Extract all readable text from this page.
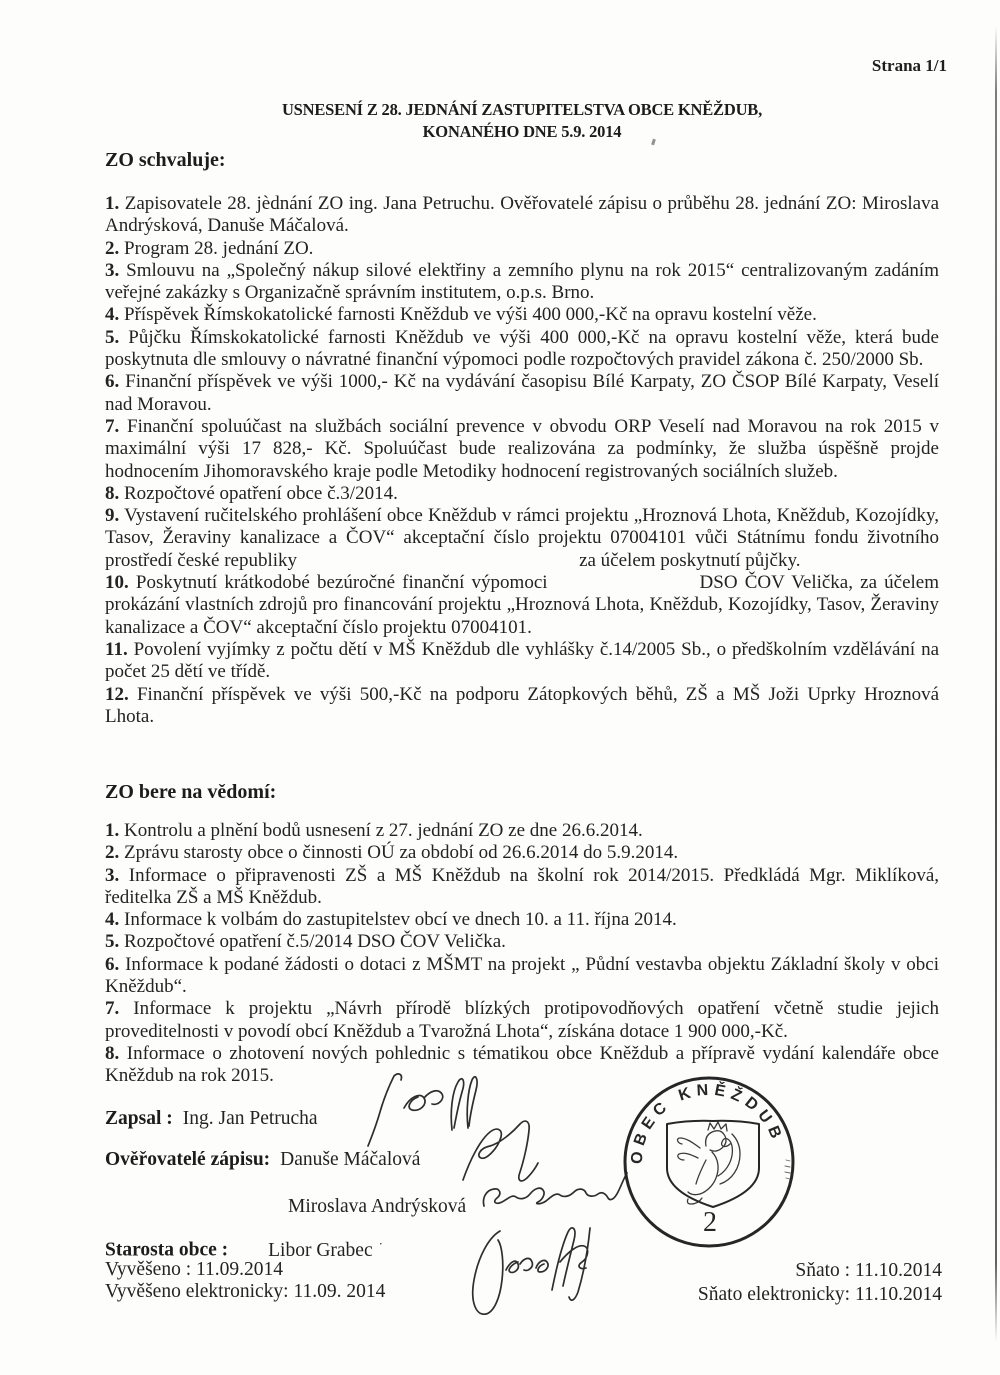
Strana 1/1
USNESENÍ Z 28. JEDNÁNÍ ZASTUPITELSTVA OBCE KNĚŽDUB,
KONANÉHO DNE 5.9. 2014
ZO schvaluje:

1. Zapisovatele 28. jèdnání ZO ing. Jana Petruchu. Ověřovatelé zápisu o průběhu 28. jednání ZO: Miroslava Andrýsková, Danuše Máčalová.

2. Program 28. jednání ZO.

3. Smlouvu na „Společný nákup silové elektřiny a zemního plynu na rok 2015“ centralizovaným zadáním veřejné zakázky s Organizačně správním institutem, o.p.s. Brno.

4. Příspěvek Římskokatolické farnosti Kněždub ve výši 400 000,-Kč na opravu kostelní věže.

5. Půjčku Římskokatolické farnosti Kněždub ve výši 400 000,-Kč na opravu kostelní věže, která bude poskytnuta dle smlouvy o návratné finanční výpomoci podle rozpočtových pravidel zákona č. 250/2000 Sb.

6. Finanční příspěvek ve výši 1000,- Kč na vydávání časopisu Bílé Karpaty, ZO ČSOP Bílé Karpaty, Veselí nad Moravou.

7. Finanční spoluúčast na službách sociální prevence v obvodu ORP Veselí nad Moravou na rok 2015 v maximální výši 17 828,- Kč. Spoluúčast bude realizována za podmínky, že služba úspěšně projde hodnocením Jihomoravského kraje podle Metodiky hodnocení registrovaných sociálních služeb.

8. Rozpočtové opatření obce č.3/2014.

9. Vystavení ručitelského prohlášení obce Kněždub v rámci projektu „Hroznová Lhota, Kněždub, Kozojídky, Tasov, Žeraviny kanalizace a ČOV“ akceptační číslo projektu 07004101 vůči Státnímu fondu životního prostředí české republiky	za účelem poskytnutí půjčky.

10. Poskytnutí krátkodobé bezúročné finanční výpomoci	DSO ČOV Velička, za účelem prokázání vlastních zdrojů pro financování projektu „Hroznová Lhota, Kněždub, Kozojídky, Tasov, Žeraviny kanalizace a ČOV“ akceptační číslo projektu 07004101.

11. Povolení vyjímky z počtu dětí v MŠ Kněždub dle vyhlášky č.14/2005 Sb., o předškolním vzdělávání na počet 25 dětí ve třídě.

12. Finanční příspěvek ve výši 500,-Kč na podporu Zátopkových běhů, ZŠ a MŠ Joži Uprky Hroznová Lhota.

ZO bere na vědomí:

1. Kontrolu a plnění bodů usnesení z 27. jednání ZO ze dne 26.6.2014.

2. Zprávu starosty obce o činnosti OÚ za období od 26.6.2014 do 5.9.2014.

3. Informace o připravenosti ZŠ a MŠ Kněždub na školní rok 2014/2015. Předkládá Mgr. Miklíková, ředitelka ZŠ a MŠ Kněždub.

4. Informace k volbám do zastupitelstev obcí ve dnech 10. a 11. října 2014.

5. Rozpočtové opatření č.5/2014 DSO ČOV Velička.

6. Informace k podané žádosti o dotaci z MŠMT na projekt „ Půdní vestavba objektu Základní školy v obci Kněždub“.

7. Informace k projektu „Návrh přírodě blízkých protipovodňových opatření včetně studie jejich proveditelnosti v povodí obcí Kněždub a Tvarožná Lhota“, získána dotace 1 900 000,-Kč.

8. Informace o zhotovení nových pohlednic s tématikou obce Kněždub a přípravě vydání kalendáře obce Kněždub na rok 2015.

Zapsal : Ing. Jan Petrucha
Ověřovatelé zápisu: Danuše Máčalová
Miroslava Andrýsková
Starosta obce : Libor Grabec ·
Vyvěšeno : 11.09.2014
Vyvěšeno elektronicky: 11.09. 2014
Sňato : 11.10.2014
Sňato elektronicky: 11.10.2014
OBEC KNĚŽDUB
2
